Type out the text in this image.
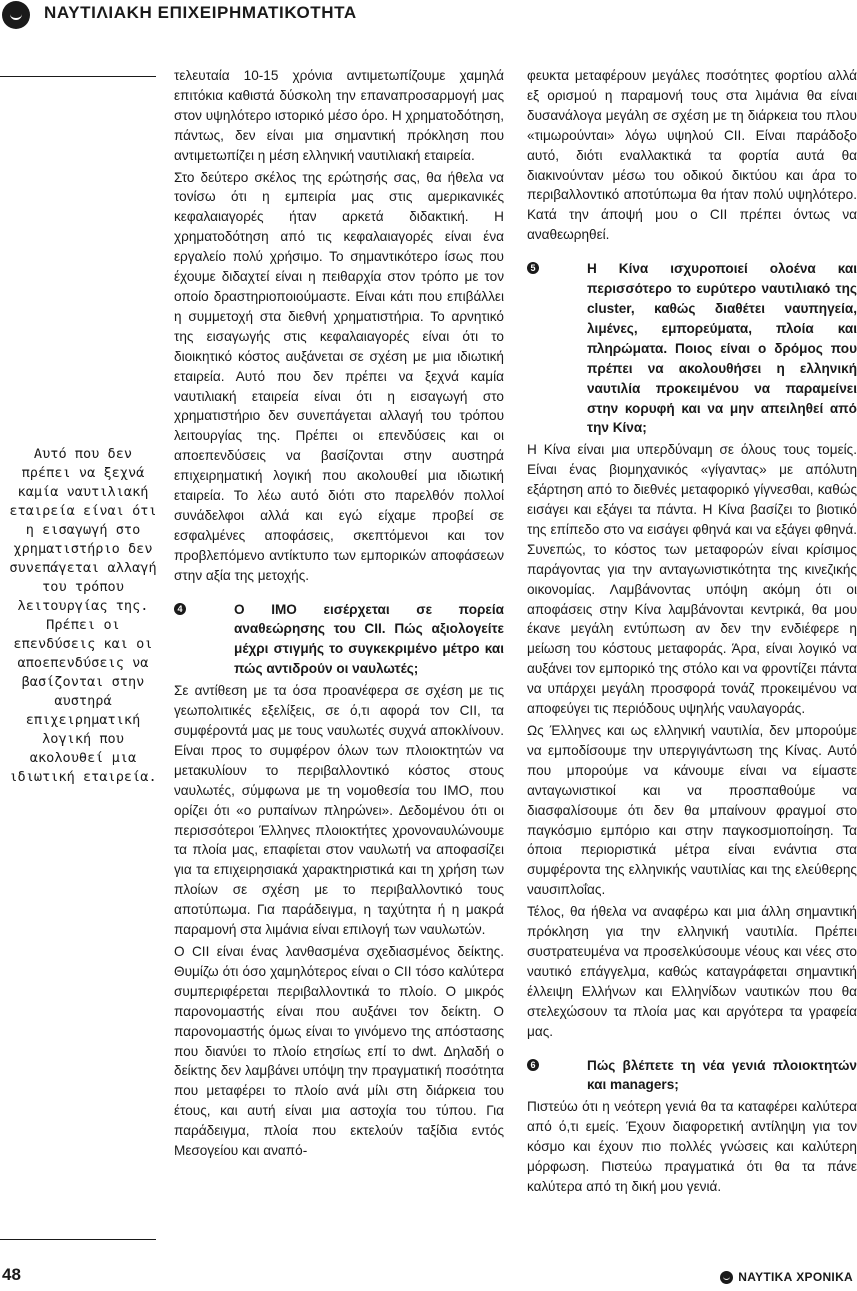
ΝΑΥΤΙΛΙΑΚΗ ΕΠΙΧΕΙΡΗΜΑΤΙΚΟΤΗΤΑ
Αυτό που δεν πρέπει να ξεχνά καμία ναυτιλιακή εταιρεία είναι ότι η εισαγωγή στο χρηματιστήριο δεν συνεπάγεται αλλαγή του τρόπου λειτουργίας της. Πρέπει οι επενδύσεις και οι αποεπενδύσεις να βασίζονται στην αυστηρά επιχειρηματική λογική που ακολουθεί μια ιδιωτική εταιρεία.

τελευταία 10-15 χρόνια αντιμετωπίζουμε χαμηλά επιτόκια καθιστά δύσκολη την επαναπροσαρμογή μας στον υψηλότερο ιστορικό μέσο όρο. Η χρηματοδότηση, πάντως, δεν είναι μια σημαντική πρόκληση που αντιμετωπίζει η μέση ελληνική ναυτιλιακή εταιρεία.

Στο δεύτερο σκέλος της ερώτησής σας, θα ήθελα να τονίσω ότι η εμπειρία μας στις αμερικανικές κεφαλαιαγορές ήταν αρκετά διδακτική. Η χρηματοδότηση από τις κεφαλαιαγορές είναι ένα εργαλείο πολύ χρήσιμο. Το σημαντικότερο ίσως που έχουμε διδαχτεί είναι η πειθαρχία στον τρόπο με τον οποίο δραστηριοποιούμαστε. Είναι κάτι που επιβάλλει η συμμετοχή στα διεθνή χρηματιστήρια. Το αρνητικό της εισαγωγής στις κεφαλαιαγορές είναι ότι το διοικητικό κόστος αυξάνεται σε σχέση με μια ιδιωτική εταιρεία. Αυτό που δεν πρέπει να ξεχνά καμία ναυτιλιακή εταιρεία είναι ότι η εισαγωγή στο χρηματιστήριο δεν συνεπάγεται αλλαγή του τρόπου λειτουργίας της. Πρέπει οι επενδύσεις και οι αποεπενδύσεις να βασίζονται στην αυστηρά επιχειρηματική λογική που ακολουθεί μια ιδιωτική εταιρεία. Το λέω αυτό διότι στο παρελθόν πολλοί συνάδελφοι αλλά και εγώ είχαμε προβεί σε εσφαλμένες αποφάσεις, σκεπτόμενοι και τον προβλεπόμενο αντίκτυπο των εμπορικών αποφάσεων στην αξία της μετοχής.

4	Ο ΙΜΟ εισέρχεται σε πορεία αναθεώρησης του CII. Πώς αξιολογείτε μέχρι στιγμής το συγκεκριμένο μέτρο και πώς αντιδρούν οι ναυλωτές;

Σε αντίθεση με τα όσα προανέφερα σε σχέση με τις γεωπολιτικές εξελίξεις, σε ό,τι αφορά τον CII, τα συμφέροντά μας με τους ναυλωτές συχνά αποκλίνουν. Είναι προς το συμφέρον όλων των πλοιοκτητών να μετακυλίουν το περιβαλλοντικό κόστος στους ναυλωτές, σύμφωνα με τη νομοθεσία του ΙΜΟ, που ορίζει ότι «ο ρυπαίνων πληρώνει». Δεδομένου ότι οι περισσότεροι Έλληνες πλοιοκτήτες χρονοναυλώνουμε τα πλοία μας, επαφίεται στον ναυλωτή να αποφασίζει για τα επιχειρησιακά χαρακτηριστικά και τη χρήση των πλοίων σε σχέση με το περιβαλλοντικό τους αποτύπωμα. Για παράδειγμα, η ταχύτητα ή η μακρά παραμονή στα λιμάνια είναι επιλογή των ναυλωτών.

Ο CII είναι ένας λανθασμένα σχεδιασμένος δείκτης. Θυμίζω ότι όσο χαμηλότερος είναι ο CII τόσο καλύτερα συμπεριφέρεται περιβαλλοντικά το πλοίο. Ο μικρός παρονομαστής είναι που αυξάνει τον δείκτη. Ο παρονομαστής όμως είναι το γινόμενο της απόστασης που διανύει το πλοίο ετησίως επί το dwt. Δηλαδή ο δείκτης δεν λαμβάνει υπόψη την πραγματική ποσότητα που μεταφέρει το πλοίο ανά μίλι στη διάρκεια του έτους, και αυτή είναι μια αστοχία του τύπου. Για παράδειγμα, πλοία που εκτελούν ταξίδια εντός Μεσογείου και αναπό-

φευκτα μεταφέρουν μεγάλες ποσότητες φορτίου αλλά εξ ορισμού η παραμονή τους στα λιμάνια θα είναι δυσανάλογα μεγάλη σε σχέση με τη διάρκεια του πλου «τιμωρούνται» λόγω υψηλού CII. Είναι παράδοξο αυτό, διότι εναλλακτικά τα φορτία αυτά θα διακινούνταν μέσω του οδικού δικτύου και άρα το περιβαλλοντικό αποτύπωμα θα ήταν πολύ υψηλότερο. Κατά την άποψή μου ο CII πρέπει όντως να αναθεωρηθεί.

5	Η Κίνα ισχυροποιεί ολοένα και περισσότερο το ευρύτερο ναυτιλιακό της cluster, καθώς διαθέτει ναυπηγεία, λιμένες, εμπορεύματα, πλοία και πληρώματα. Ποιος είναι ο δρόμος που πρέπει να ακολουθήσει η ελληνική ναυτιλία προκειμένου να παραμείνει στην κορυφή και να μην απειληθεί από την Κίνα;

Η Κίνα είναι μια υπερδύναμη σε όλους τους τομείς. Είναι ένας βιομηχανικός «γίγαντας» με απόλυτη εξάρτηση από το διεθνές μεταφορικό γίγνεσθαι, καθώς εισάγει και εξάγει τα πάντα. Η Κίνα βασίζει το βιοτικό της επίπεδο στο να εισάγει φθηνά και να εξάγει φθηνά. Συνεπώς, το κόστος των μεταφορών είναι κρίσιμος παράγοντας για την ανταγωνιστικότητα της κινεζικής οικονομίας. Λαμβάνοντας υπόψη ακόμη ότι οι αποφάσεις στην Κίνα λαμβάνονται κεντρικά, θα μου έκανε μεγάλη εντύπωση αν δεν την ενδιέφερε η μείωση του κόστους μεταφοράς. Άρα, είναι λογικό να αυξάνει τον εμπορικό της στόλο και να φροντίζει πάντα να υπάρχει μεγάλη προσφορά τονάζ προκειμένου να αποφεύγει τις περιόδους υψηλής ναυλαγοράς.

Ως Έλληνες και ως ελληνική ναυτιλία, δεν μπορούμε να εμποδίσουμε την υπεργιγάντωση της Κίνας. Αυτό που μπορούμε να κάνουμε είναι να είμαστε ανταγωνιστικοί και να προσπαθούμε να διασφαλίσουμε ότι δεν θα μπαίνουν φραγμοί στο παγκόσμιο εμπόριο και στην παγκοσμιοποίηση. Τα όποια περιοριστικά μέτρα είναι ενάντια στα συμφέροντα της ελληνικής ναυτιλίας και της ελεύθερης ναυσιπλοΐας.

Τέλος, θα ήθελα να αναφέρω και μια άλλη σημαντική πρόκληση για την ελληνική ναυτιλία. Πρέπει συστρατευμένα να προσελκύσουμε νέους και νέες στο ναυτικό επάγγελμα, καθώς καταγράφεται σημαντική έλλειψη Ελλήνων και Ελληνίδων ναυτικών που θα στελεχώσουν τα πλοία μας και αργότερα τα γραφεία μας.

6	Πώς βλέπετε τη νέα γενιά πλοιοκτητών και managers;

Πιστεύω ότι η νεότερη γενιά θα τα καταφέρει καλύτερα από ό,τι εμείς. Έχουν διαφορετική αντίληψη για τον κόσμο και έχουν πιο πολλές γνώσεις και καλύτερη μόρφωση. Πιστεύω πραγματικά ότι θα τα πάνε καλύτερα από τη δική μου γενιά.

48	ΝΑΥΤΙΚΑ ΧΡΟΝΙΚΑ
